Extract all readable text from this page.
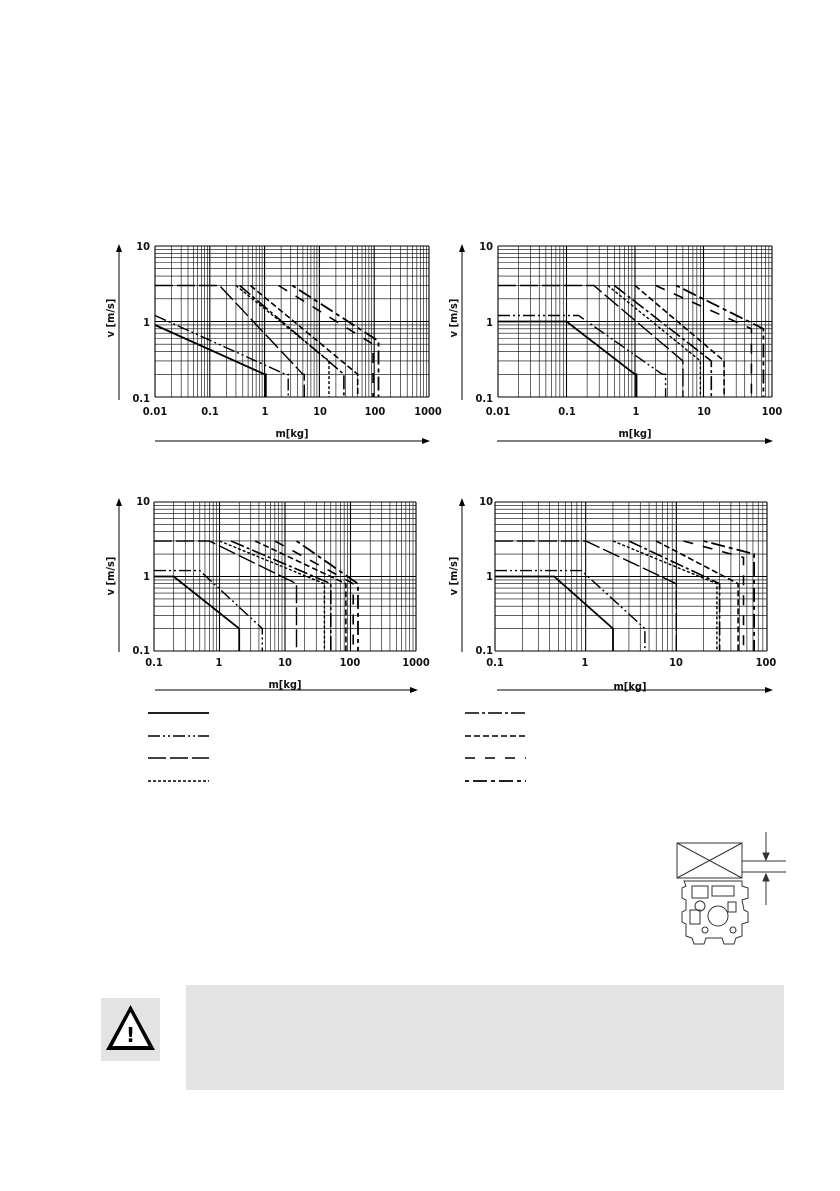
v [m/s]
m[kg]
10
1
0.1
0.01	0.1	1	10	100	1000
v [m/s]
m[kg]
10
1
0.1
0.01	0.1	1	10	100
v [m/s]
m[kg]
10
1
0.1
0.1	1	10	100	1000
v [m/s]
m[kg]
10
1
0.1
0.1	1	10	100
!
